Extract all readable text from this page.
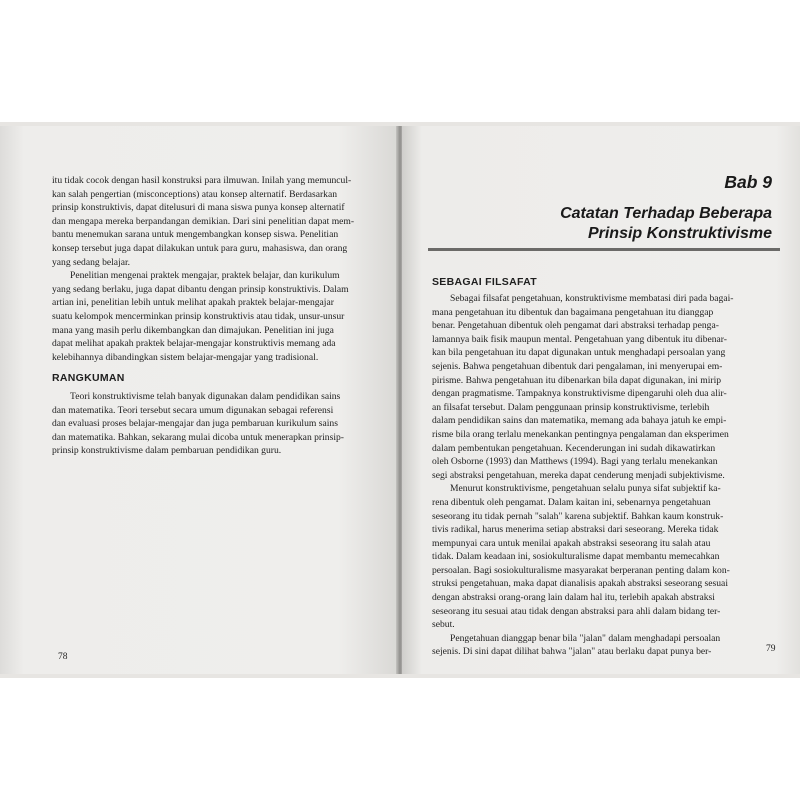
itu tidak cocok dengan hasil konstruksi para ilmuwan. Inilah yang memuncul-
kan salah pengertian (misconceptions) atau konsep alternatif. Berdasarkan
prinsip konstruktivis, dapat ditelusuri di mana siswa punya konsep alternatif
dan mengapa mereka berpandangan demikian. Dari sini penelitian dapat mem-
bantu menemukan sarana untuk mengembangkan konsep siswa. Penelitian
konsep tersebut juga dapat dilakukan untuk para guru, mahasiswa, dan orang
yang sedang belajar.

Penelitian mengenai praktek mengajar, praktek belajar, dan kurikulum
yang sedang berlaku, juga dapat dibantu dengan prinsip konstruktivis. Dalam
artian ini, penelitian lebih untuk melihat apakah praktek belajar-mengajar
suatu kelompok mencerminkan prinsip konstruktivis atau tidak, unsur-unsur
mana yang masih perlu dikembangkan dan dimajukan. Penelitian ini juga
dapat melihat apakah praktek belajar-mengajar konstruktivis memang ada
kelebihannya dibandingkan sistem belajar-mengajar yang tradisional.

RANGKUMAN

Teori konstruktivisme telah banyak digunakan dalam pendidikan sains
dan matematika. Teori tersebut secara umum digunakan sebagai referensi
dan evaluasi proses belajar-mengajar dan juga pembaruan kurikulum sains
dan matematika. Bahkan, sekarang mulai dicoba untuk menerapkan prinsip-
prinsip konstruktivisme dalam pembaruan pendidikan guru.

78
Bab 9
Catatan Terhadap Beberapa
Prinsip Konstruktivisme
SEBAGAI FILSAFAT

Sebagai filsafat pengetahuan, konstruktivisme membatasi diri pada bagai-
mana pengetahuan itu dibentuk dan bagaimana pengetahuan itu dianggap
benar. Pengetahuan dibentuk oleh pengamat dari abstraksi terhadap penga-
lamannya baik fisik maupun mental. Pengetahuan yang dibentuk itu dibenar-
kan bila pengetahuan itu dapat digunakan untuk menghadapi persoalan yang
sejenis. Bahwa pengetahuan dibentuk dari pengalaman, ini menyerupai em-
pirisme. Bahwa pengetahuan itu dibenarkan bila dapat digunakan, ini mirip
dengan pragmatisme. Tampaknya konstruktivisme dipengaruhi oleh dua alir-
an filsafat tersebut. Dalam penggunaan prinsip konstruktivisme, terlebih
dalam pendidikan sains dan matematika, memang ada bahaya jatuh ke empi-
risme bila orang terlalu menekankan pentingnya pengalaman dan eksperimen
dalam pembentukan pengetahuan. Kecenderungan ini sudah dikawatirkan
oleh Osborne (1993) dan Matthews (1994). Bagi yang terlalu menekankan
segi abstraksi pengetahuan, mereka dapat cenderung menjadi subjektivisme.

Menurut konstruktivisme, pengetahuan selalu punya sifat subjektif ka-
rena dibentuk oleh pengamat. Dalam kaitan ini, sebenarnya pengetahuan
seseorang itu tidak pernah "salah" karena subjektif. Bahkan kaum konstruk-
tivis radikal, harus menerima setiap abstraksi dari seseorang. Mereka tidak
mempunyai cara untuk menilai apakah abstraksi seseorang itu salah atau
tidak. Dalam keadaan ini, sosiokulturalisme dapat membantu memecahkan
persoalan. Bagi sosiokulturalisme masyarakat berperanan penting dalam kon-
struksi pengetahuan, maka dapat dianalisis apakah abstraksi seseorang sesuai
dengan abstraksi orang-orang lain dalam hal itu, terlebih apakah abstraksi
seseorang itu sesuai atau tidak dengan abstraksi para ahli dalam bidang ter-
sebut.

Pengetahuan dianggap benar bila "jalan" dalam menghadapi persoalan
sejenis. Di sini dapat dilihat bahwa "jalan" atau berlaku dapat punya ber-	79
